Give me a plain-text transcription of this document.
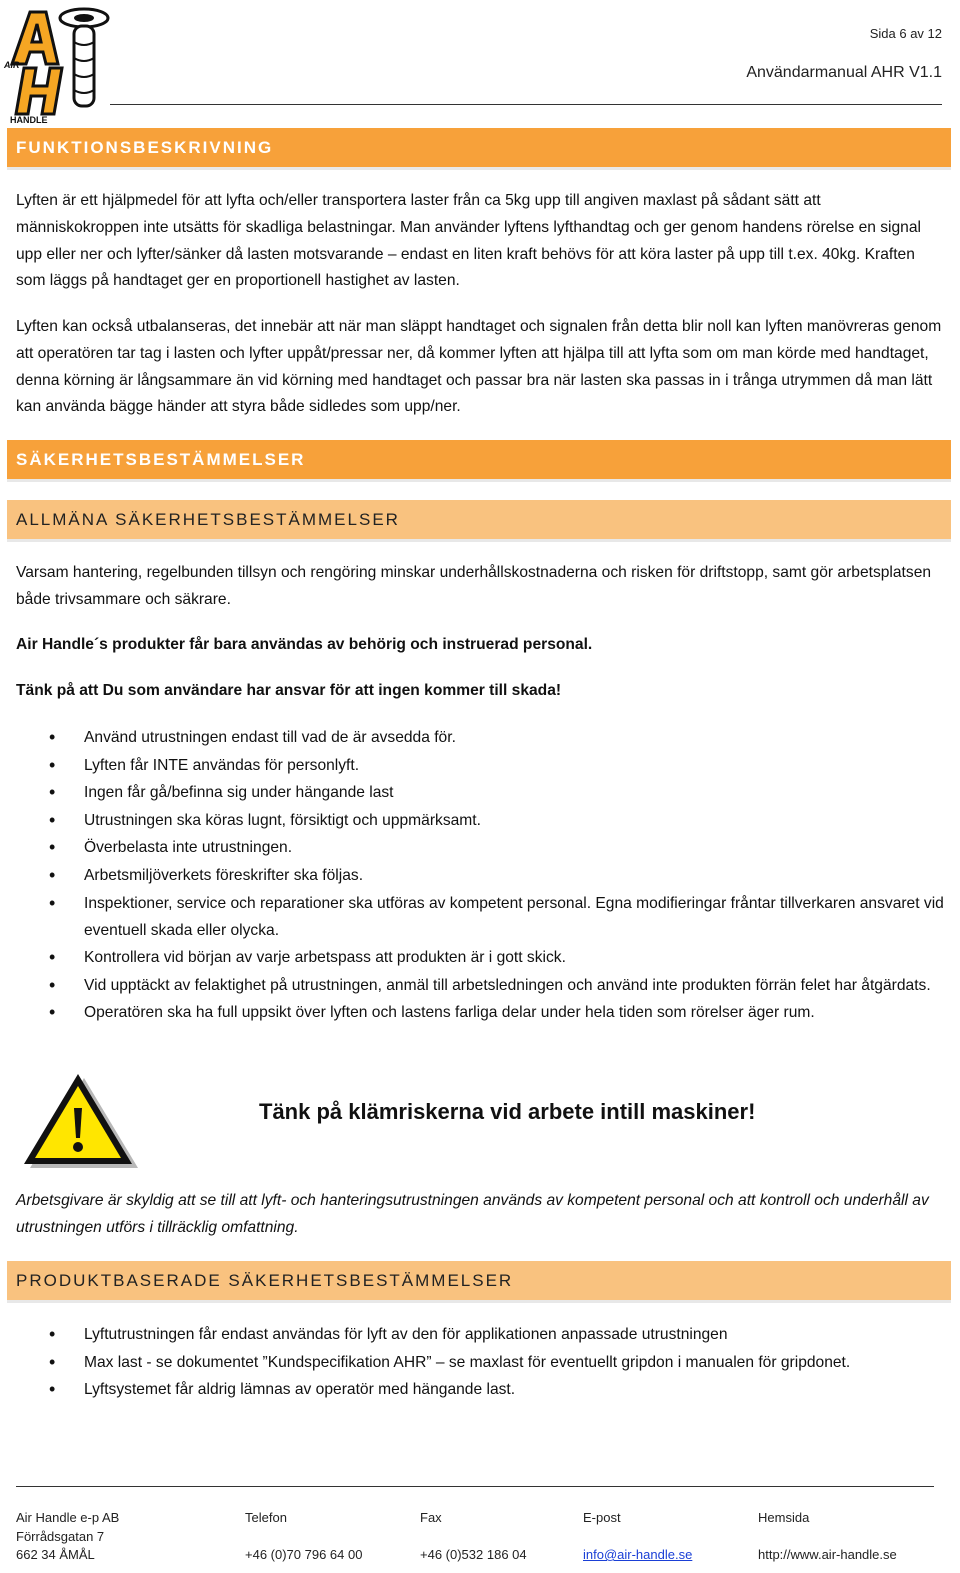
AIR
HANDLE
Sida 6 av 12
Användarmanual AHR V1.1
FUNKTIONSBESKRIVNING

Lyften är ett hjälpmedel för att lyfta och/eller transportera laster från ca 5kg upp till angiven maxlast på sådant sätt att människokroppen inte utsätts för skadliga belastningar. Man använder lyftens lyfthandtag och ger genom handens rörelse en signal upp eller ner och lyfter/sänker då lasten motsvarande – endast en liten kraft behövs för att köra laster på upp till t.ex. 40kg. Kraften som läggs på handtaget ger en proportionell hastighet av lasten.

Lyften kan också utbalanseras, det innebär att när man släppt handtaget och signalen från detta blir noll kan lyften manövreras genom att operatören tar tag i lasten och lyfter uppåt/pressar ner, då kommer lyften att hjälpa till att lyfta som om man körde med handtaget, denna körning är långsammare än vid körning med handtaget och passar bra när lasten ska passas in i trånga utrymmen då man lätt kan använda bägge händer att styra både sidledes som upp/ner.

SÄKERHETSBESTÄMMELSER
ALLMÄNA SÄKERHETSBESTÄMMELSER

Varsam hantering, regelbunden tillsyn och rengöring minskar underhållskostnaderna och risken för driftstopp, samt gör arbetsplatsen både trivsammare och säkrare.

Air Handle´s produkter får bara användas av behörig och instruerad personal.

Tänk på att Du som användare har ansvar för att ingen kommer till skada!

• Använd utrustningen endast till vad de är avsedda för.
• Lyften får INTE användas för personlyft.
• Ingen får gå/befinna sig under hängande last
• Utrustningen ska köras lugnt, försiktigt och uppmärksamt.
• Överbelasta inte utrustningen.
• Arbetsmiljöverkets föreskrifter ska följas.
• Inspektioner, service och reparationer ska utföras av kompetent personal. Egna modifieringar fråntar tillverkaren ansvaret vid eventuell skada eller olycka.
• Kontrollera vid början av varje arbetspass att produkten är i gott skick.
• Vid upptäckt av felaktighet på utrustningen, anmäl till arbetsledningen och använd inte produkten förrän felet har åtgärdats.
• Operatören ska ha full uppsikt över lyften och lastens farliga delar under hela tiden som rörelser äger rum.
Tänk på klämriskerna vid arbete intill maskiner!

Arbetsgivare är skyldig att se till att lyft- och hanteringsutrustningen används av kompetent personal och att kontroll och underhåll av utrustningen utförs i tillräcklig omfattning.

PRODUKTBASERADE SÄKERHETSBESTÄMMELSER
• Lyftutrustningen får endast användas för lyft av den för applikationen anpassade utrustningen
• Max last - se dokumentet ”Kundspecifikation AHR” – se maxlast för eventuellt gripdon i manualen för gripdonet.
• Lyftsystemet får aldrig lämnas av operatör med hängande last.
Air Handle e-p AB
Förrådsgatan 7
662 34 ÅMÅL
Telefon

+46 (0)70 796 64 00
Fax

+46 (0)532 186 04
E-post

info@air-handle.se
Hemsida

http://www.air-handle.se
